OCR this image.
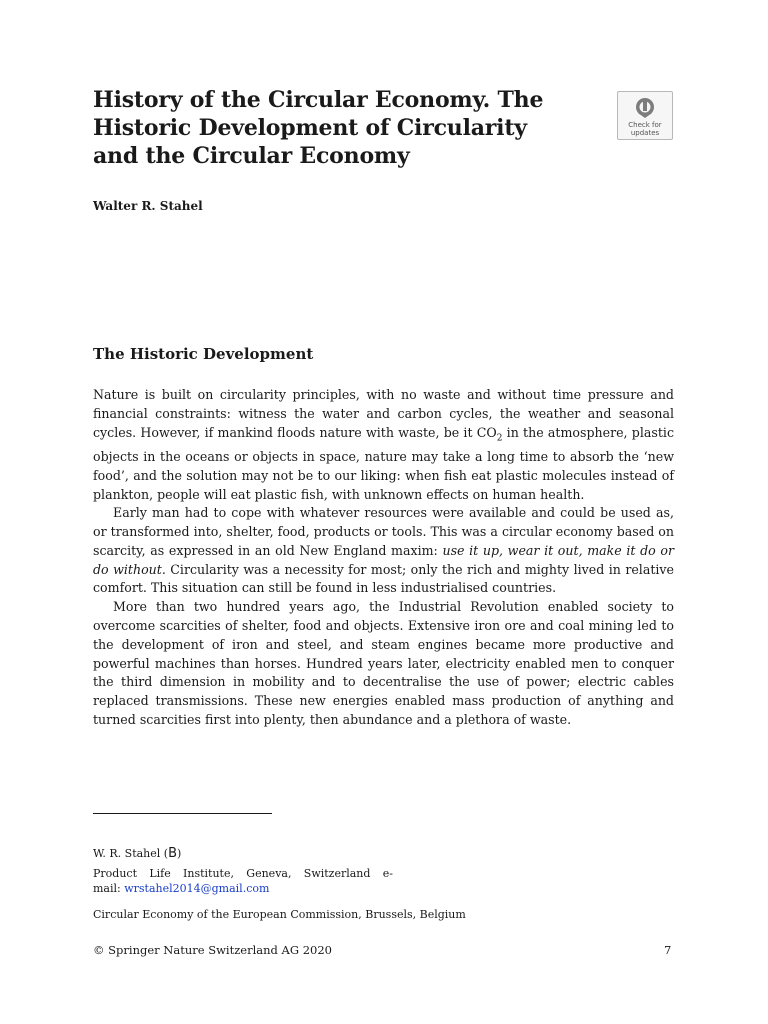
History of the Circular Economy. The
Historic Development of Circularity
and the Circular Economy
Check for
updates

Walter R. Stahel

The Historic Development

Nature is built on circularity principles, with no waste and without time pressure and financial constraints: witness the water and carbon cycles, the weather and seasonal cycles. However, if mankind floods nature with waste, be it $CO_2$ in the atmosphere, plastic objects in the oceans or objects in space, nature may take a long time to absorb the ‘new food’, and the solution may not be to our liking: when fish eat plastic molecules instead of plankton, people will eat plastic fish, with unknown effects on human health.

Early man had to cope with whatever resources were available and could be used as, or transformed into, shelter, food, products or tools. This was a circular economy based on scarcity, as expressed in an old New England maxim: use it up, wear it out, make it do or do without. Circularity was a necessity for most; only the rich and mighty lived in relative comfort. This situation can still be found in less industrialised countries.

More than two hundred years ago, the Industrial Revolution enabled society to overcome scarcities of shelter, food and objects. Extensive iron ore and coal mining led to the development of iron and steel, and steam engines became more productive and powerful machines than horses. Hundred years later, electricity enabled men to conquer the third dimension in mobility and to decentralise the use of power; electric cables replaced transmissions. These new energies enabled mass production of anything and turned scarcities first into plenty, then abundance and a plethora of waste.

W. R. Stahel (B)
Product Life Institute, Geneva, Switzerland e-
mail: wrstahel2014@gmail.com
Circular Economy of the European Commission, Brussels, Belgium
© Springer Nature Switzerland AG 2020	7
